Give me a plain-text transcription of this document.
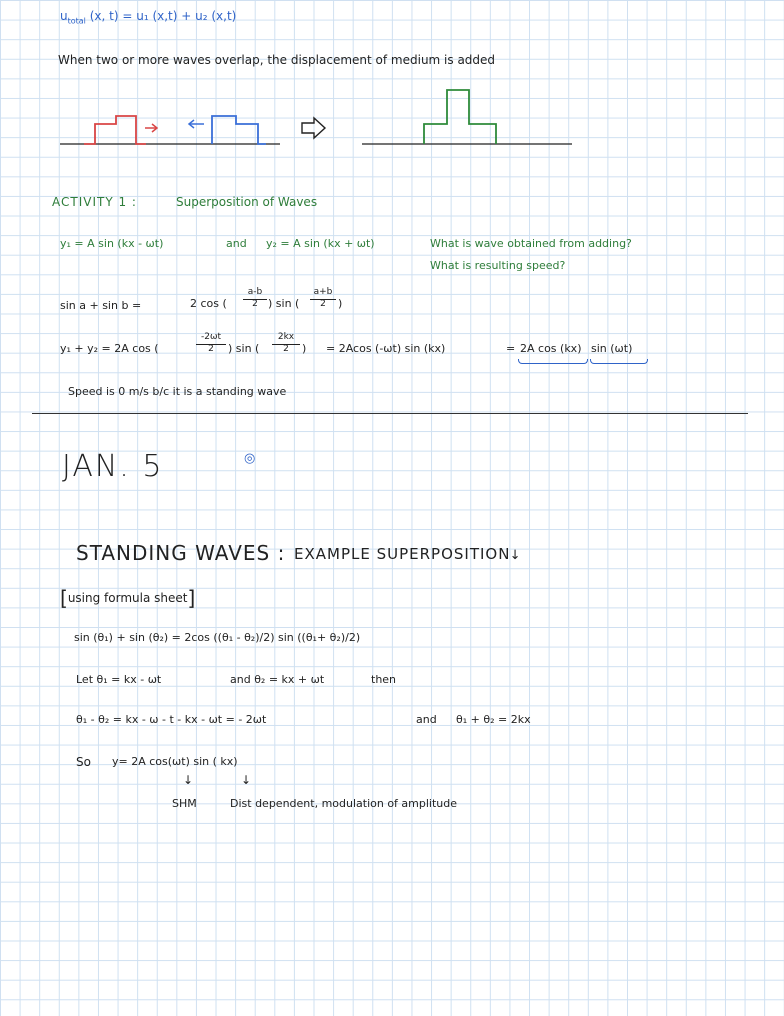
$u_{total}$ (x, t) = u₁ (x,t) + u₂ (x,t)
When two or more waves overlap, the displacement of medium is added
ACTIVITY 1 :	Superposition of Waves
y₁ = A sin (kx - ωt)	and y₂ = A sin (kx + ωt)	What is wave obtained from adding?
What is resulting speed?
sin a + sin b =	2 cos ( $\frac{a-b}{2}$ ) sin ( $\frac{a+b}{2}$ )
y₁ + y₂ = 2A cos (	$\frac{-2\omega t}{2}$ ) sin ( $\frac{2kx}{2}$ ) = 2Acos (-ωt) sin (kx)	= 2A cos (kx) sin (ωt)
Speed is 0 m/s b/c it is a standing wave
JAN. 5	◎
STANDING WAVES : EXAMPLE SUPERPOSITION
→
[using formula sheet]
sin (θ₁) + sin (θ₂) = 2cos ((θ₁ - θ₂)/2) sin ((θ₁+ θ₂)/2)
Let θ₁ = kx - ωt	and θ₂ = kx + ωt	then
θ₁ - θ₂ = kx - ω - t - kx - ωt = - 2ωt	and θ₁ + θ₂ = 2kx
So y= 2A cos(ωt) sin ( kx)
↓	↓
SHM	Dist dependent, modulation of amplitude
